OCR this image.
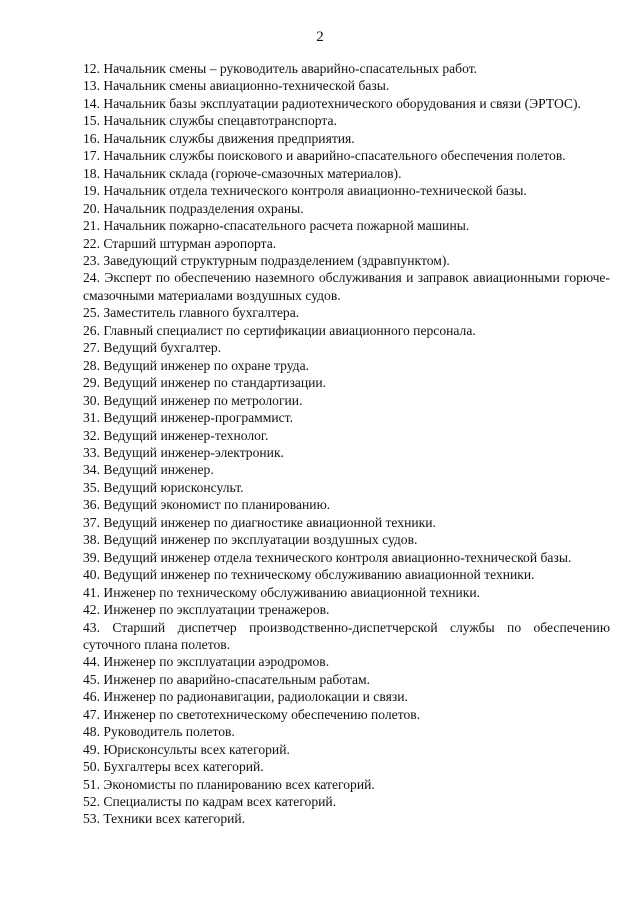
2
12. Начальник смены – руководитель аварийно-спасательных работ.
13. Начальник смены авиационно-технической базы.
14. Начальник базы эксплуатации радиотехнического оборудования и связи (ЭРТОС).
15. Начальник службы спецавтотранспорта.
16. Начальник службы движения предприятия.
17. Начальник службы поискового и аварийно-спасательного обеспечения полетов.
18. Начальник склада (горюче-смазочных материалов).
19. Начальник отдела технического контроля авиационно-технической базы.
20. Начальник подразделения охраны.
21. Начальник пожарно-спасательного расчета пожарной машины.
22. Старший штурман аэропорта.
23. Заведующий структурным подразделением (здравпунктом).
24. Эксперт по обеспечению наземного обслуживания и заправок авиационными горюче-смазочными материалами воздушных судов.
25. Заместитель главного бухгалтера.
26. Главный специалист по сертификации авиационного персонала.
27. Ведущий бухгалтер.
28. Ведущий инженер по охране труда.
29. Ведущий инженер по стандартизации.
30. Ведущий инженер по метрологии.
31. Ведущий инженер-программист.
32. Ведущий инженер-технолог.
33. Ведущий инженер-электроник.
34. Ведущий инженер.
35. Ведущий юрисконсульт.
36. Ведущий экономист по планированию.
37. Ведущий инженер по диагностике авиационной техники.
38. Ведущий инженер по эксплуатации воздушных судов.
39. Ведущий инженер отдела технического контроля авиационно-технической базы.
40. Ведущий инженер по техническому обслуживанию авиационной техники.
41. Инженер по техническому обслуживанию авиационной техники.
42. Инженер по эксплуатации тренажеров.
43. Старший диспетчер производственно-диспетчерской службы по обеспечению суточного плана полетов.
44. Инженер по эксплуатации аэродромов.
45. Инженер по аварийно-спасательным работам.
46. Инженер по радионавигации, радиолокации и связи.
47. Инженер по светотехническому обеспечению полетов.
48. Руководитель полетов.
49. Юрисконсульты всех категорий.
50. Бухгалтеры всех категорий.
51. Экономисты по планированию всех категорий.
52. Специалисты по кадрам всех категорий.
53. Техники всех категорий.
